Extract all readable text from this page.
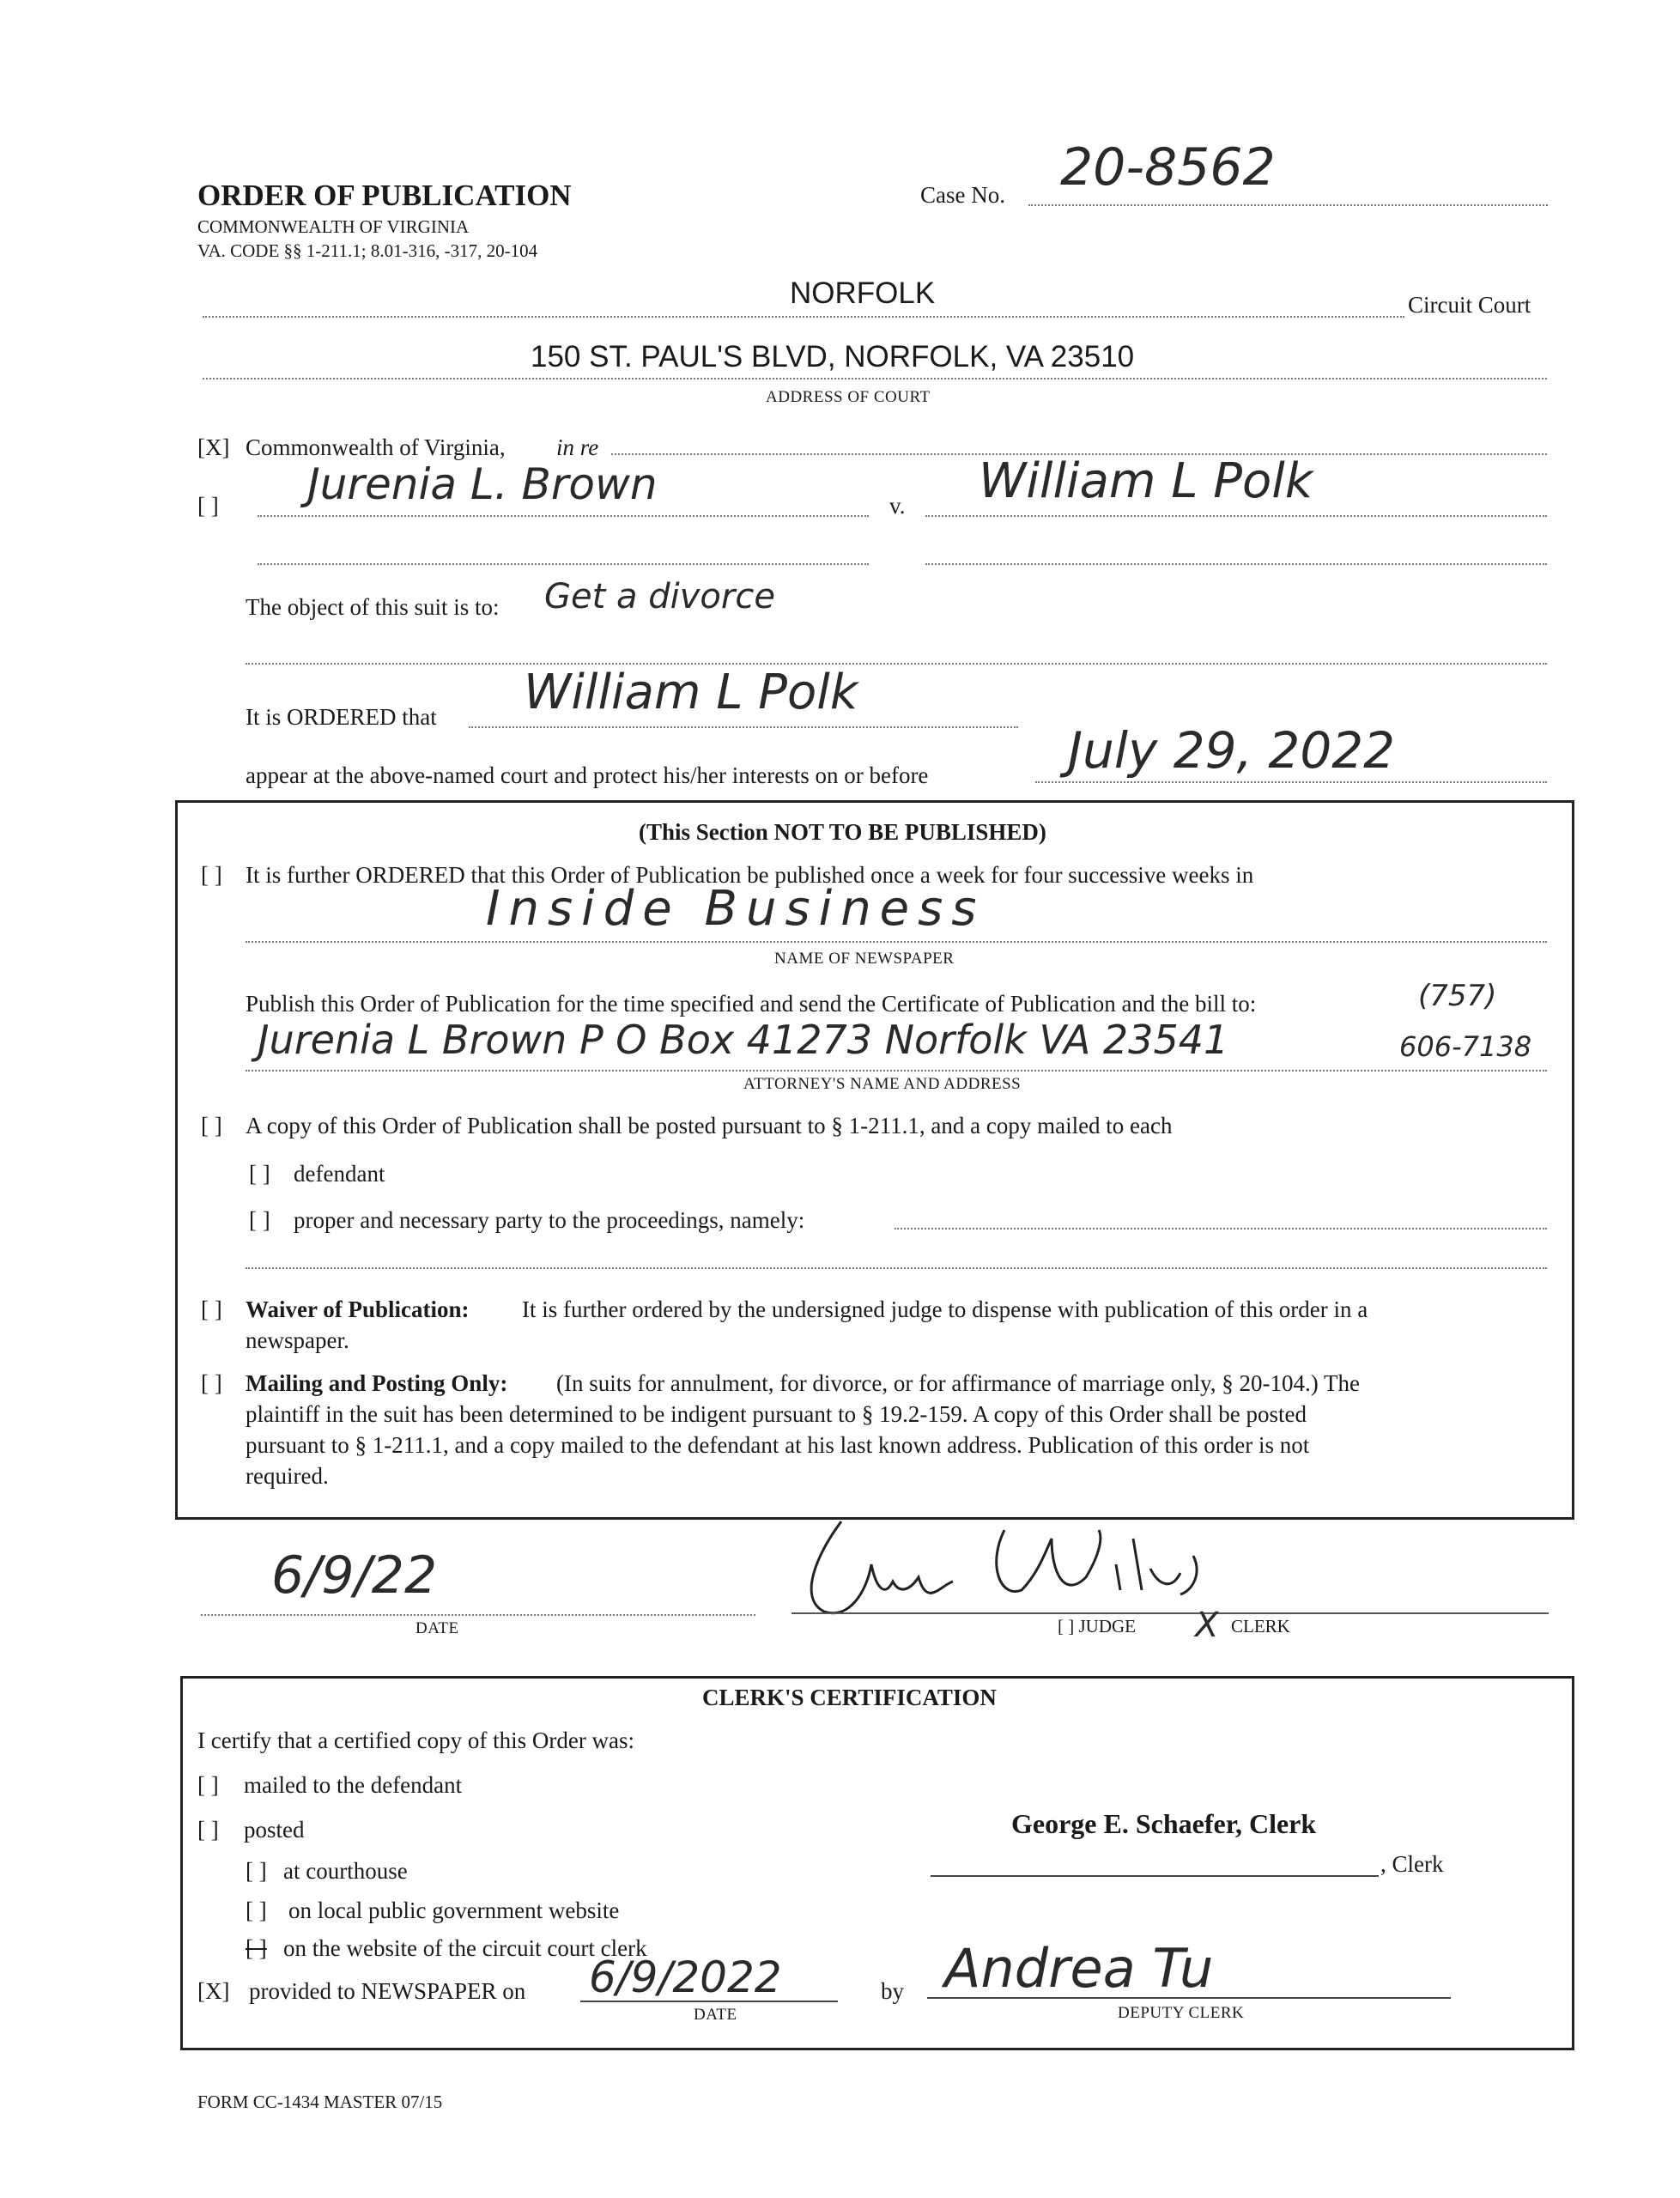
ORDER OF PUBLICATION
COMMONWEALTH OF VIRGINIA
VA. CODE §§ 1-211.1; 8.01-316, -317, 20-104
Case No. 20-8562
NORFOLK	Circuit Court
150 ST. PAUL'S BLVD, NORFOLK, VA 23510
ADDRESS OF COURT
[X] Commonwealth of Virginia, in re
[ ] Jurenia L. Brown	v. William L Polk
The object of this suit is to: Get a divorce
It is ORDERED that William L Polk
appear at the above-named court and protect his/her interests on or before	July 29, 2022
(This Section NOT TO BE PUBLISHED)
[ ] It is further ORDERED that this Order of Publication be published once a week for four successive weeks in
Inside Business
NAME OF NEWSPAPER
Publish this Order of Publication for the time specified and send the Certificate of Publication and the bill to:	(757)
Jurenia L Brown P O Box 41273 Norfolk VA 23541	606-7138
ATTORNEY'S NAME AND ADDRESS
[ ] A copy of this Order of Publication shall be posted pursuant to § 1-211.1, and a copy mailed to each
[ ] defendant
[ ] proper and necessary party to the proceedings, namely:
[ ] Waiver of Publication: It is further ordered by the undersigned judge to dispense with publication of this order in a
newspaper.
[ ] Mailing and Posting Only: (In suits for annulment, for divorce, or for affirmance of marriage only, § 20-104.) The
plaintiff in the suit has been determined to be indigent pursuant to § 19.2-159. A copy of this Order shall be posted
pursuant to § 1-211.1, and a copy mailed to the defendant at his last known address. Publication of this order is not
required.
6/9/22
DATE	[ ] JUDGE X CLERK
CLERK'S CERTIFICATION
I certify that a certified copy of this Order was:
[ ] mailed to the defendant
[ ] posted
[ ] at courthouse
[ ] on local public government website
[ ] on the website of the circuit court clerk
[X] provided to NEWSPAPER on 6/9/2022
DATE
by
George E. Schaefer, Clerk
, Clerk
Andrea Tu
DEPUTY CLERK
FORM CC-1434 MASTER 07/15
